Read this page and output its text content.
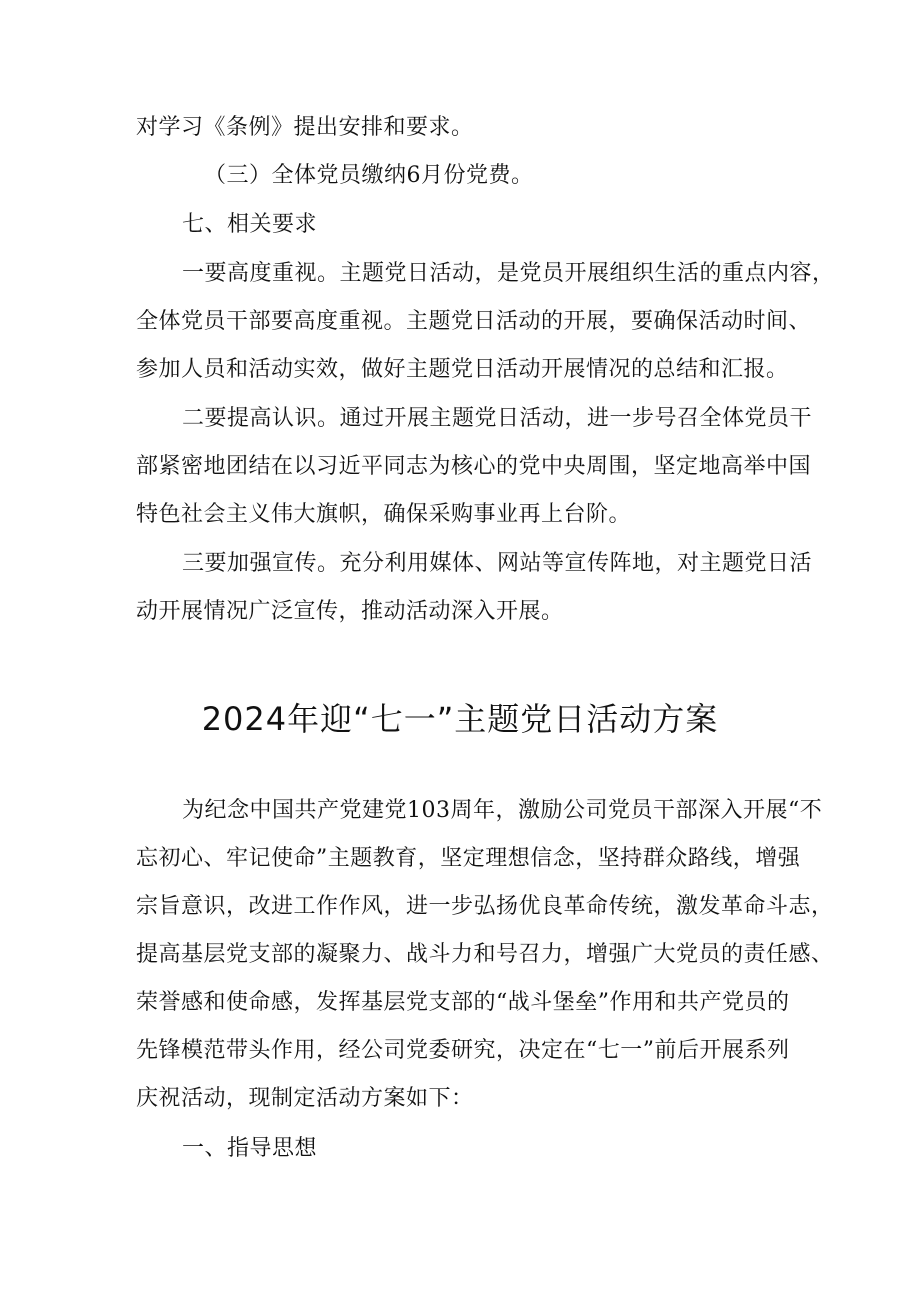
对学习《条例》提出安排和要求。

（三）全体党员缴纳6月份党费。

七、相关要求

一要高度重视。主题党日活动，是党员开展组织生活的重点内容，
全体党员干部要高度重视。主题党日活动的开展，要确保活动时间、
参加人员和活动实效，做好主题党日活动开展情况的总结和汇报。

二要提高认识。通过开展主题党日活动，进一步号召全体党员干
部紧密地团结在以习近平同志为核心的党中央周围，坚定地高举中国
特色社会主义伟大旗帜，确保采购事业再上台阶。

三要加强宣传。充分利用媒体、网站等宣传阵地，对主题党日活
动开展情况广泛宣传，推动活动深入开展。

2024年迎“七一”主题党日活动方案

为纪念中国共产党建党103周年，激励公司党员干部深入开展“不
忘初心、牢记使命”主题教育，坚定理想信念，坚持群众路线，增强
宗旨意识，改进工作作风，进一步弘扬优良革命传统，激发革命斗志，
提高基层党支部的凝聚力、战斗力和号召力，增强广大党员的责任感、
荣誉感和使命感，发挥基层党支部的“战斗堡垒”作用和共产党员的
先锋模范带头作用，经公司党委研究，决定在“七一”前后开展系列
庆祝活动，现制定活动方案如下：

一、指导思想
